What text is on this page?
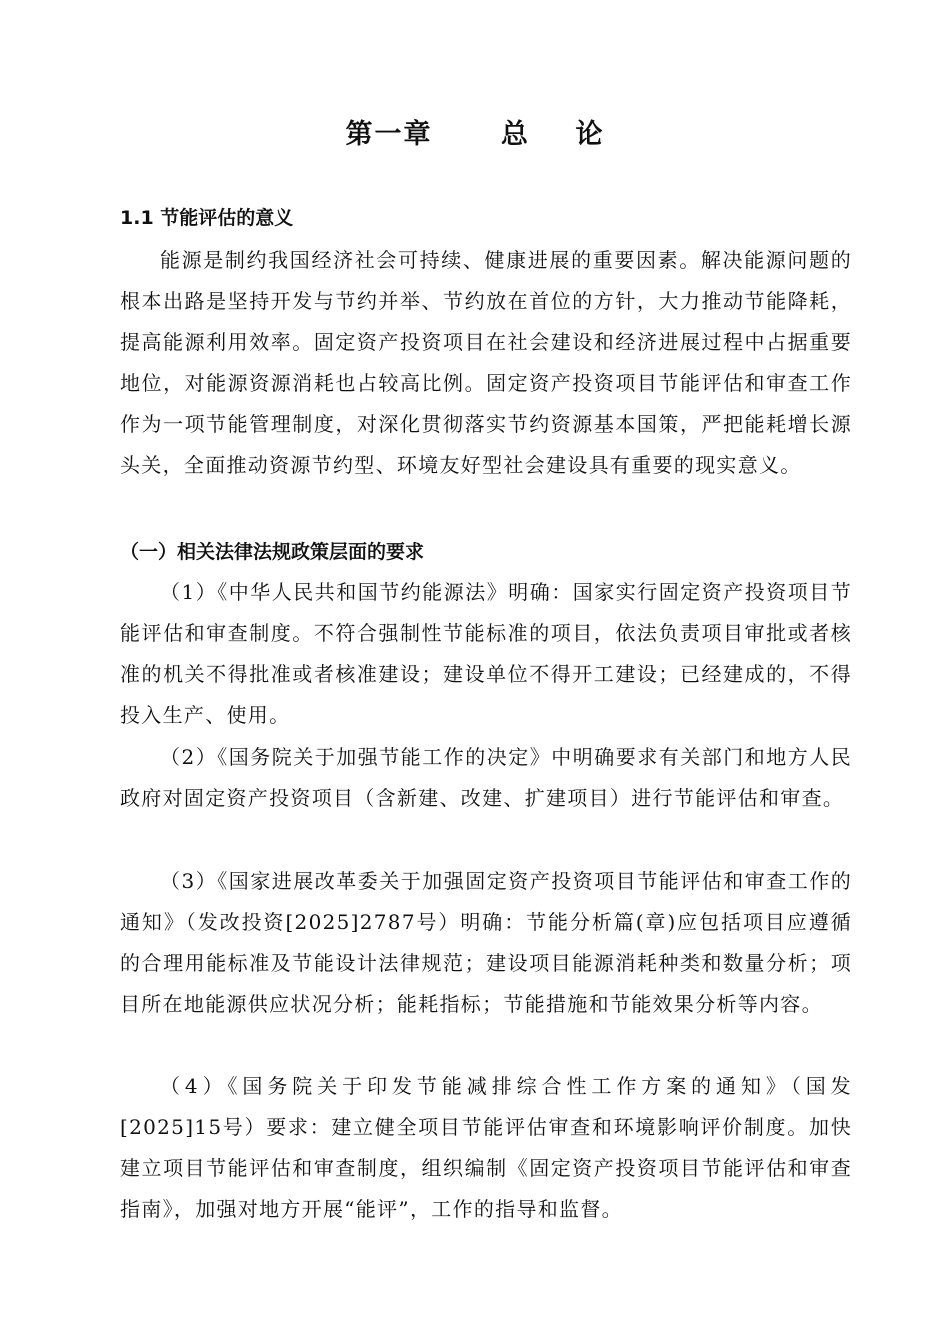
第一章      总    论
1.1 节能评估的意义

能源是制约我国经济社会可持续、健康进展的重要因素。解决能源问题的根本出路是坚持开发与节约并举、节约放在首位的方针，大力推动节能降耗，提高能源利用效率。固定资产投资项目在社会建设和经济进展过程中占据重要地位，对能源资源消耗也占较高比例。固定资产投资项目节能评估和审查工作作为一项节能管理制度，对深化贯彻落实节约资源基本国策，严把能耗增长源头关，全面推动资源节约型、环境友好型社会建设具有重要的现实意义。

（一）相关法律法规政策层面的要求

（1）《中华人民共和国节约能源法》明确：国家实行固定资产投资项目节能评估和审查制度。不符合强制性节能标准的项目，依法负责项目审批或者核准的机关不得批准或者核准建设；建设单位不得开工建设；已经建成的，不得投入生产、使用。

（2）《国务院关于加强节能工作的决定》中明确要求有关部门和地方人民政府对固定资产投资项目（含新建、改建、扩建项目）进行节能评估和审查。

（3）《国家进展改革委关于加强固定资产投资项目节能评估和审查工作的通知》（发改投资[2025]2787号）明确：节能分析篇(章)应包括项目应遵循的合理用能标准及节能设计法律规范；建设项目能源消耗种类和数量分析；项目所在地能源供应状况分析；能耗指标；节能措施和节能效果分析等内容。

（4）《国务院关于印发节能减排综合性工作方案的通知》（国发[2025]15号）要求：建立健全项目节能评估审查和环境影响评价制度。加快建立项目节能评估和审查制度，组织编制《固定资产投资项目节能评估和审查指南》，加强对地方开展“能评”，工作的指导和监督。
